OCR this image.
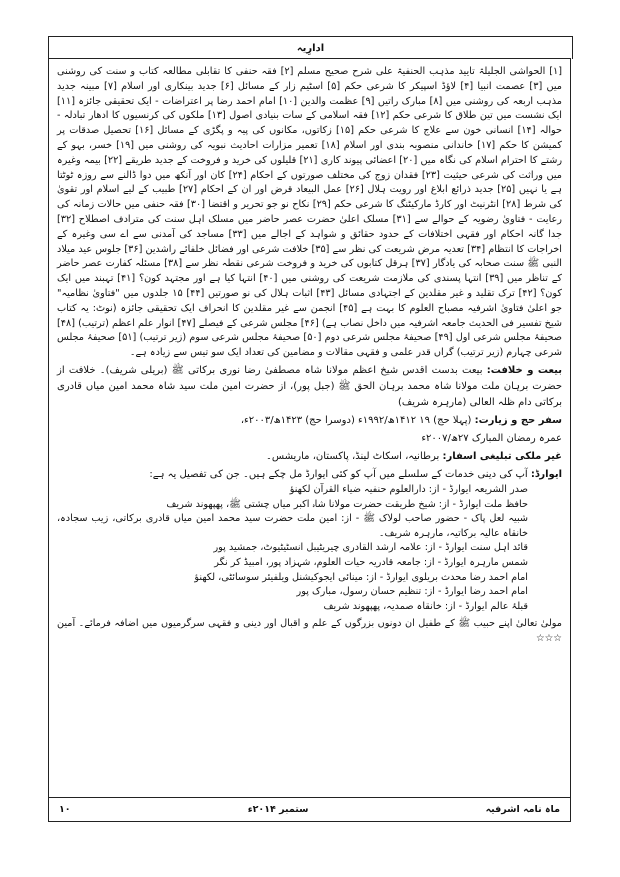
ادارِیہ

[۱] الحواشی الجلیلۃ تایید مذہب الحنفیۃ علی شرح صحیح مسلم [۲] فقہ حنفی کا تقابلی مطالعہ کتاب و سنت کی روشنی میں [۳] عصمت انبیا [۴] لاؤڈ اسپیکر کا شرعی حکم [۵] اسٹیم زار کے مسائل [۶] جدید بینکاری اور اسلام [۷] مبینہ جدید مذہب اربعہ کی روشنی میں [۸] مبارک راتیں [۹] عظمت والدین [۱۰] امام احمد رضا پر اعتراضات - ایک تحقیقی جائزہ [۱۱] ایک نشست میں تین طلاق کا شرعی حکم [۱۲] فقہ اسلامی کے سات بنیادی اصول [۱۳] ملکوں کی کرنسیوں کا ادھار تبادلہ - حوالہ [۱۴] انسانی خون سے علاج کا شرعی حکم [۱۵] زکاتوں، مکانوں کی پیہ و پگڑی کے مسائل [۱۶] تحصیل صدقات پر کمیشن کا حکم [۱۷] خاندانی منصوبہ بندی اور اسلام [۱۸] تعمیر مزارات احادیث نبویہ کی روشنی میں [۱۹] خسر، بہو کے رشتے کا احترام اسلام کی نگاہ میں [۲۰] اعضائی پیوند کاری [۲۱] قلیلوں کی خرید و فروخت کے جدید طریقے [۲۲] بیمہ وغیرہ میں وراثت کی شرعی حیثیت [۲۳] فقدان زوج کی مختلف صورتوں کے احکام [۲۴] کان اور آنکھ میں دوا ڈالنے سے روزہ ٹوٹتا ہے یا نہیں [۲۵] جدید ذرائع ابلاغ اور رویت ہلال [۲۶] عمل البیعاد قرض اور ان کے احکام [۲۷] طبیب کے لیے اسلام اور تقویٰ کی شرط [۲۸] انٹرنیٹ اور کارڈ مارکیٹنگ کا شرعی حکم [۲۹] نکاح نو جو تحریر و اقتضا [۳۰] فقہ حنفی میں حالات زمانہ کی رعایت - فتاویٰ رضویہ کے حوالے سے [۳۱] مسلک اعلیٰ حضرت عصر حاضر میں مسلک اہل سنت کی مترادف اصطلاح [۳۲] جدا گانہ احکام اور فقہی اختلافات کے حدود حقائق و شواہد کے اجالے میں [۳۳] مساجد کی آمدنی سے اے سی وغیرہ کے اخراجات کا انتظام [۳۴] تعدیہ مرض شریعت کی نظر سے [۳۵] خلافت شرعی اور فضائل خلفائے راشدین [۳۶] جلوس عید میلاد النبی ﷺ سنت صحابہ کی یادگار [۳۷] ہرقل کتابوں کی خرید و فروخت شرعی نقطہ نظر سے [۳۸] مسئلہ کفارت عصر حاضر کے تناظر میں [۳۹] انتہا پسندی کی ملازمت شریعت کی روشنی میں [۴۰] انتہا کیا ہے اور مجتہد کون؟ [۴۱] تہبند میں ایک کون؟ [۴۲] ترک تقلید و غیر مقلدین کے اجتہادی مسائل [۴۳] اثبات ہلال کی نو صورتیں [۴۴] ۱۵ جلدوں میں "فتاویٰ نظامیہ" جو اعلیٰ فتاویٰ اشرفیہ مصباح العلوم کا بہت ہے [۴۵] انجمن سے غیر مقلدین کا انحراف ایک تحقیقی جائزہ (نوٹ: یہ کتاب شیخ تفسیر فی الحدیث جامعہ اشرفیہ میں داخل نصاب ہے) [۴۶] مجلس شرعی کے فیصلے [۴۷] انوار علم اعظم (ترتیب) [۴۸] صحیفۂ مجلس شرعی اول [۴۹] صحیفۂ مجلس شرعی دوم [۵۰] صحیفۂ مجلس شرعی سوم (زیر ترتیب) [۵۱] صحیفۂ مجلس شرعی چہارم (زیر ترتیب) گراں قدر علمی و فقہی مقالات و مضامین کی تعداد ایک سو تیس سے زیادہ ہے۔

بیعت و خلافت: بیعت بدست اقدس شیخ اعظم مولانا شاہ مصطفیٰ رضا نوری برکاتی ﷺ (بریلی شریف)۔ خلافت از حضرت برہان ملت مولانا شاہ محمد برہان الحق ﷺ (جبل پور)، از حضرت امین ملت سید شاہ محمد امین میاں قادری برکاتی دام ظلہ العالی (مارہرہ شریف)

سفر حج و زیارت: (پہلا حج) ۱۹ ۱۴۱۲ھ/۱۹۹۲ء (دوسرا حج) ۱۴۲۳ھ/۲۰۰۳ء،

عمرہ رمضان المبارک ۲۷ھ/۲۰۰۷ء

غیر ملکی تبلیغی اسفار: برطانیہ، اسکاٹ لینڈ، پاکستان، ماریشس۔

ایوارڈ: آپ کی دینی خدمات کے سلسلے میں آپ کو کئی ایوارڈ مل چکے ہیں۔ جن کی تفصیل یہ ہے:

صدر الشریعہ ایوارڈ - از: دارالعلوم حنفیہ ضیاء القرآن لکھنؤ

حافظ ملت ایوارڈ - از: شیخ طریقت حضرت مولانا شاہ اکبر میاں چشتی ﷺ، پھپھوند شریف

شبیہ لعل پاک - حضور صاحب لولاک ﷺ - از: امین ملت حضرت سید محمد امین میاں قادری برکاتی، زیب سجادہ، خانقاہ عالیہ برکاتیہ، مارہرہ شریف۔

قائد اہل سنت ایوارڈ - از: علامہ ارشد القادری چیریٹیبل انسٹیٹیوٹ، جمشید پور

شمس مارہرہ ایوارڈ - از: جامعہ قادریہ حیات العلوم، شہزاد پور، امبیڈ کر نگر

امام احمد رضا محدث بریلوی ایوارڈ - از: مینائی ایجوکیشنل ویلفیئر سوسائٹی، لکھنؤ

امام احمد رضا ایوارڈ - از: تنظیم حسان رسول، مبارک پور

قبلۂ عالم ایوارڈ - از: خانقاہ صمدیہ، پھپھوند شریف

مولیٰ تعالیٰ اپنے حبیب ﷺ کے طفیل ان دونوں بزرگوں کے علم و اقبال اور دینی و فقہی سرگرمیوں میں اضافہ فرمائے۔ آمین ☆☆☆

ماہ نامہ اشرفیہ
ستمبر ۲۰۱۴ء
۱۰
